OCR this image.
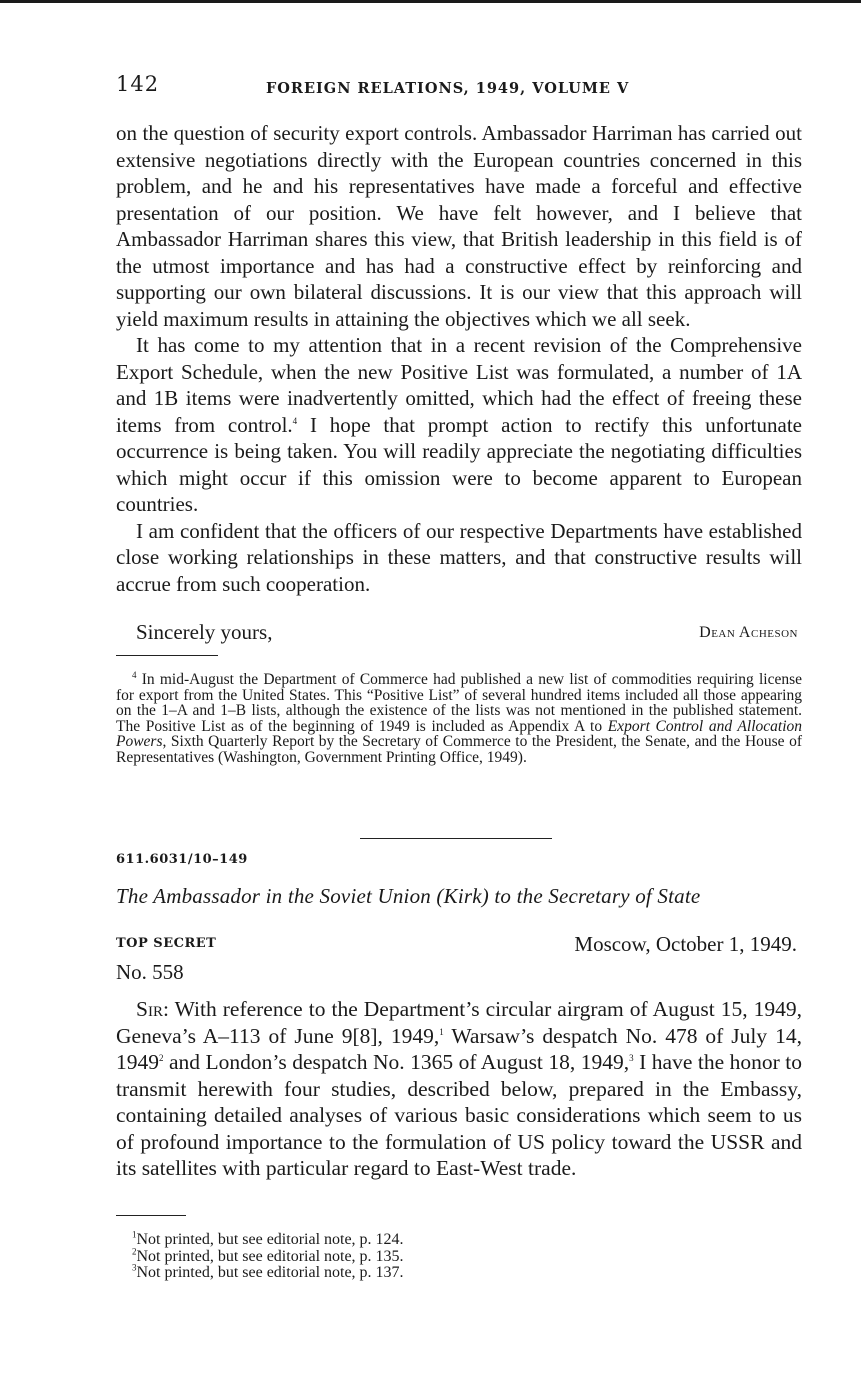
142	FOREIGN RELATIONS, 1949, VOLUME V

on the question of security export controls. Ambassador Harriman has carried out extensive negotiations directly with the European countries concerned in this problem, and he and his representatives have made a forceful and effective presentation of our position. We have felt however, and I believe that Ambassador Harriman shares this view, that British leadership in this field is of the utmost importance and has had a constructive effect by reinforcing and supporting our own bilateral discussions. It is our view that this approach will yield maximum results in attaining the objectives which we all seek.

It has come to my attention that in a recent revision of the Comprehensive Export Schedule, when the new Positive List was formulated, a number of 1A and 1B items were inadvertently omitted, which had the effect of freeing these items from control.$^4$ I hope that prompt action to rectify this unfortunate occurrence is being taken. You will readily appreciate the negotiating difficulties which might occur if this omission were to become apparent to European countries.

I am confident that the officers of our respective Departments have established close working relationships in these matters, and that constructive results will accrue from such cooperation.

Sincerely yours,	Dean Acheson

$^4$ In mid-August the Department of Commerce had published a new list of commodities requiring license for export from the United States. This “Positive List” of several hundred items included all those appearing on the 1–A and 1–B lists, although the existence of the lists was not mentioned in the published statement. The Positive List as of the beginning of 1949 is included as Appendix A to Export Control and Allocation Powers, Sixth Quarterly Report by the Secretary of Commerce to the President, the Senate, and the House of Representatives (Washington, Government Printing Office, 1949).

611.6031/10–149
The Ambassador in the Soviet Union (Kirk) to the Secretary of State
TOP SECRET	Moscow, October 1, 1949.
No. 558

Sir: With reference to the Department’s circular airgram of August 15, 1949, Geneva’s A–113 of June 9[8], 1949,$^1$ Warsaw’s despatch No. 478 of July 14, 1949$^2$ and London’s despatch No. 1365 of August 18, 1949,$^3$ I have the honor to transmit herewith four studies, described below, prepared in the Embassy, containing detailed analyses of various basic considerations which seem to us of profound importance to the formulation of US policy toward the USSR and its satellites with particular regard to East-West trade.

$^1$Not printed, but see editorial note, p. 124.
$^2$Not printed, but see editorial note, p. 135.
$^3$Not printed, but see editorial note, p. 137.
